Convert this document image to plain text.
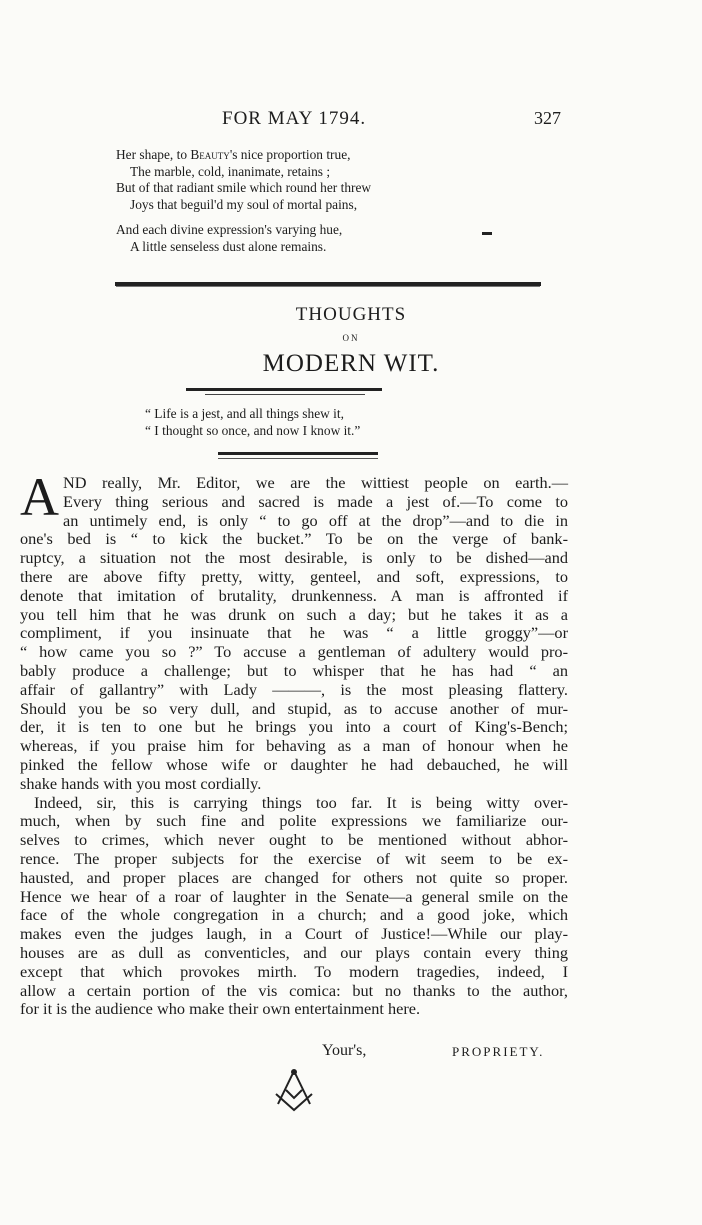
FOR MAY 1794.	327
Her shape, to Beauty's nice proportion true,
The marble, cold, inanimate, retains ;
But of that radiant smile which round her threw
Joys that beguil'd my soul of mortal pains,
And each divine expression's varying hue,
A little senseless dust alone remains.
THOUGHTS
ON
MODERN WIT.
“ Life is a jest, and all things shew it,
“ I thought so once, and now I know it.”
A ND really, Mr. Editor, we are the wittiest people on earth.—
Every thing serious and sacred is made a jest of.—To come to
an untimely end, is only “ to go off at the drop”—and to die in
one's bed is “ to kick the bucket.” To be on the verge of bank-
ruptcy, a situation not the most desirable, is only to be dished—and
there are above fifty pretty, witty, genteel, and soft, expressions, to
denote that imitation of brutality, drunkenness. A man is affronted if
you tell him that he was drunk on such a day; but he takes it as a
compliment, if you insinuate that he was “ a little groggy”—or
“ how came you so ?” To accuse a gentleman of adultery would pro-
bably produce a challenge; but to whisper that he has had “ an
affair of gallantry” with Lady ———, is the most pleasing flattery.
Should you be so very dull, and stupid, as to accuse another of mur-
der, it is ten to one but he brings you into a court of King's-Bench;
whereas, if you praise him for behaving as a man of honour when he
pinked the fellow whose wife or daughter he had debauched, he will
shake hands with you most cordially.
Indeed, sir, this is carrying things too far. It is being witty over-
much, when by such fine and polite expressions we familiarize our-
selves to crimes, which never ought to be mentioned without abhor-
rence. The proper subjects for the exercise of wit seem to be ex-
hausted, and proper places are changed for others not quite so proper.
Hence we hear of a roar of laughter in the Senate—a general smile on the
face of the whole congregation in a church; and a good joke, which
makes even the judges laugh, in a Court of Justice!—While our play-
houses are as dull as conventicles, and our plays contain every thing
except that which provokes mirth. To modern tragedies, indeed, I
allow a certain portion of the vis comica: but no thanks to the author,
for it is the audience who make their own entertainment here.
Your's,	PROPRIETY.
